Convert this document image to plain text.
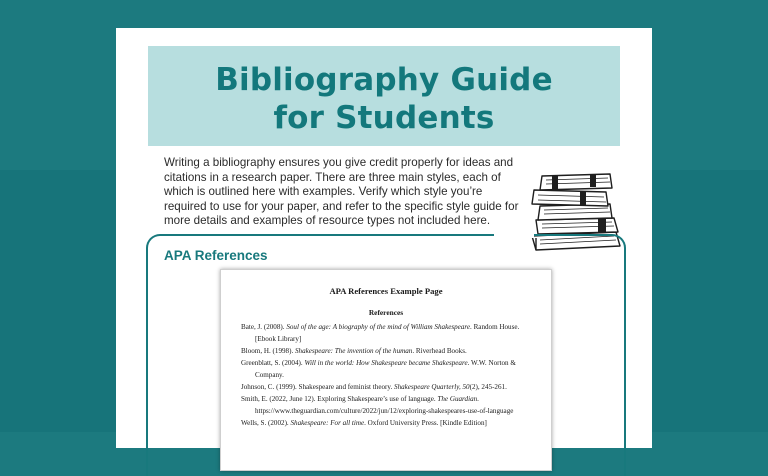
Bibliography Guide
for Students
Writing a bibliography ensures you give credit properly for ideas and citations in a research paper. There are three main styles, each of which is outlined here with examples. Verify which style you’re required to use for your paper, and refer to the specific style guide for more details and examples of resource types not included here.
APA References
APA References Example Page
References

Bate, J. (2008). Soul of the age: A biography of the mind of William Shakespeare. Random House. [Ebook Library]

Bloom, H. (1998). Shakespeare: The invention of the human. Riverhead Books.

Greenblatt, S. (2004). Will in the world: How Shakespeare became Shakespeare. W.W. Norton & Company.

Johnson, C. (1999). Shakespeare and feminist theory. Shakespeare Quarterly, 50(2), 245-261.

Smith, E. (2022, June 12). Exploring Shakespeare’s use of language. The Guardian. https://www.theguardian.com/culture/2022/jun/12/exploring-shakespeares-use-of-language

Wells, S. (2002). Shakespeare: For all time. Oxford University Press. [Kindle Edition]
